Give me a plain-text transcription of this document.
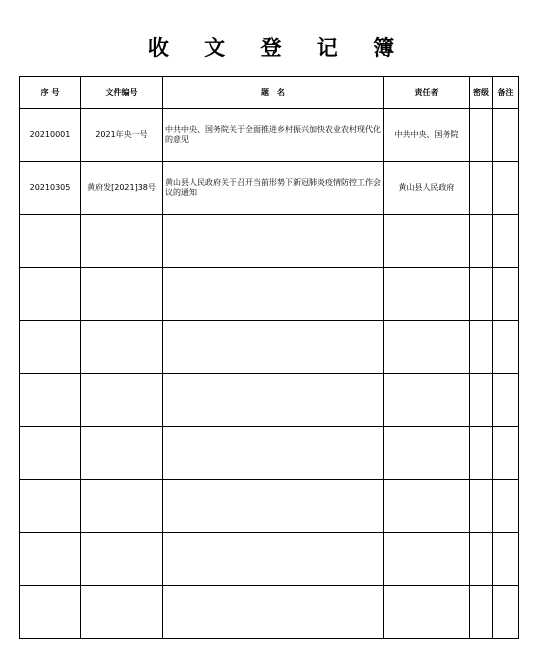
收 文 登 记 簿
序 号	文件编号	题　名	责任者	密级	备注
20210001	2021年央一号	中共中央、国务院关于全面推进乡村振兴加快农业农村现代化的意见	中共中央、国务院		
20210305	黄府发[2021]38号	黄山县人民政府关于召开当前形势下新冠肺炎疫情防控工作会议的通知	黄山县人民政府		
